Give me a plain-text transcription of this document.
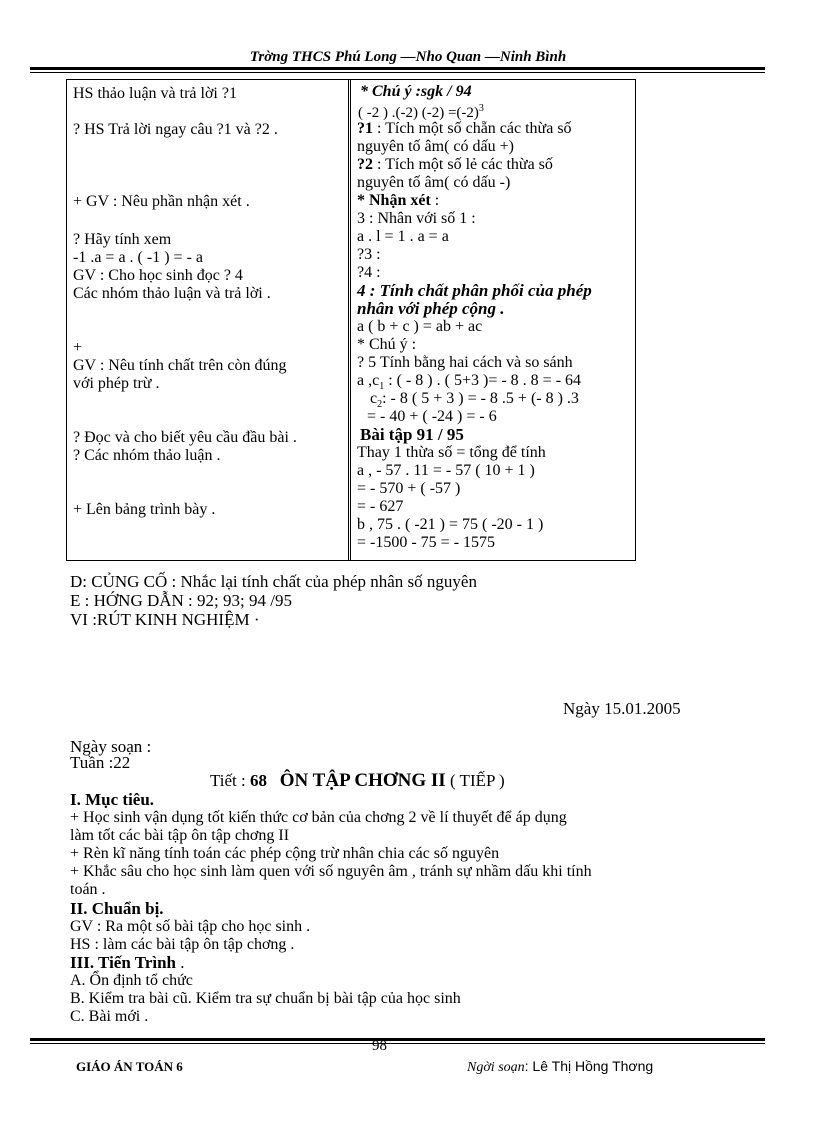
Trờng THCS Phú Long —Nho Quan —Ninh Bình
HS thảo luận và trả lời ?1
? HS Trả lời ngay câu ?1 và ?2 .
+ GV : Nêu phần nhận xét .
? Hãy tính xem
-1 .a = a . ( -1 ) = - a
GV : Cho học sinh đọc ? 4
Các nhóm thảo luận và trả lời .
+
GV : Nêu tính chất trên còn đúng
với phép trừ .
? Đọc và cho biết yêu cầu đầu bài .
? Các nhóm thảo luận .
+ Lên bảng trình bày .
* Chú ý :sgk / 94
( -2 ) .(-2) $(-2) =(-2)^3$
?1 : Tích một số chẵn các thừa số
nguyên tố âm( có dấu +)
?2 : Tích một số lẻ các thừa số
nguyên tố âm( có dấu -)
* Nhận xét :
3 : Nhân với số 1 :
a . l = 1 . a = a
?3 :
?4 :
4 : Tính chất phân phối của phép
nhân với phép cộng .
a ( b + c ) = ab + ac
* Chú ý :
? 5 Tính bằng hai cách và so sánh
a $,c_1$ : ( - 8 ) . ( 5+3 )= - 8 . 8 = - 64
$c_2$: - 8 ( 5 + 3 ) = - 8 .5 + (- 8 ) .3
= - 40 + ( -24 ) = - 6
Bài tập 91 / 95
Thay 1 thừa số = tổng để tính
a , - 57 . 11 = - 57 ( 10 + 1 )
= - 570 + ( -57 )
= - 627
b , 75 . ( -21 ) = 75 ( -20 - 1 )
= -1500 - 75 = - 1575
D: CỦNG CỐ : Nhắc lại tính chất của phép nhân số nguyên
E : HỚNG DẪN : 92; 93; 94 /95
VI :RÚT KINH NGHIỆM ·
Ngày 15.01.2005
Ngày soạn :
Tuần :22
Tiết : 68 ÔN TẬP CHƠNG II ( TIẾP )
I. Mục tiêu.
+ Học sinh vận dụng tốt kiến thức cơ bản của chơng 2 về lí thuyết để áp dụng
làm tốt các bài tập ôn tập chơng II
+ Rèn kĩ năng tính toán các phép cộng trừ nhân chia các số nguyên
+ Khắc sâu cho học sinh làm quen với số nguyên âm , tránh sự nhầm dấu khi tính
toán .
II. Chuẩn bị.
GV : Ra một số bài tập cho học sinh .
HS : làm các bài tập ôn tập chơng .
III. Tiến Trình .
A. Ổn định tổ chức
B. Kiểm tra bài cũ. Kiểm tra sự chuẩn bị bài tập của học sinh
C. Bài mới .
98
GIÁO ÁN TOÁN 6	Ngời soạn: Lê Thị Hồng Thơng
